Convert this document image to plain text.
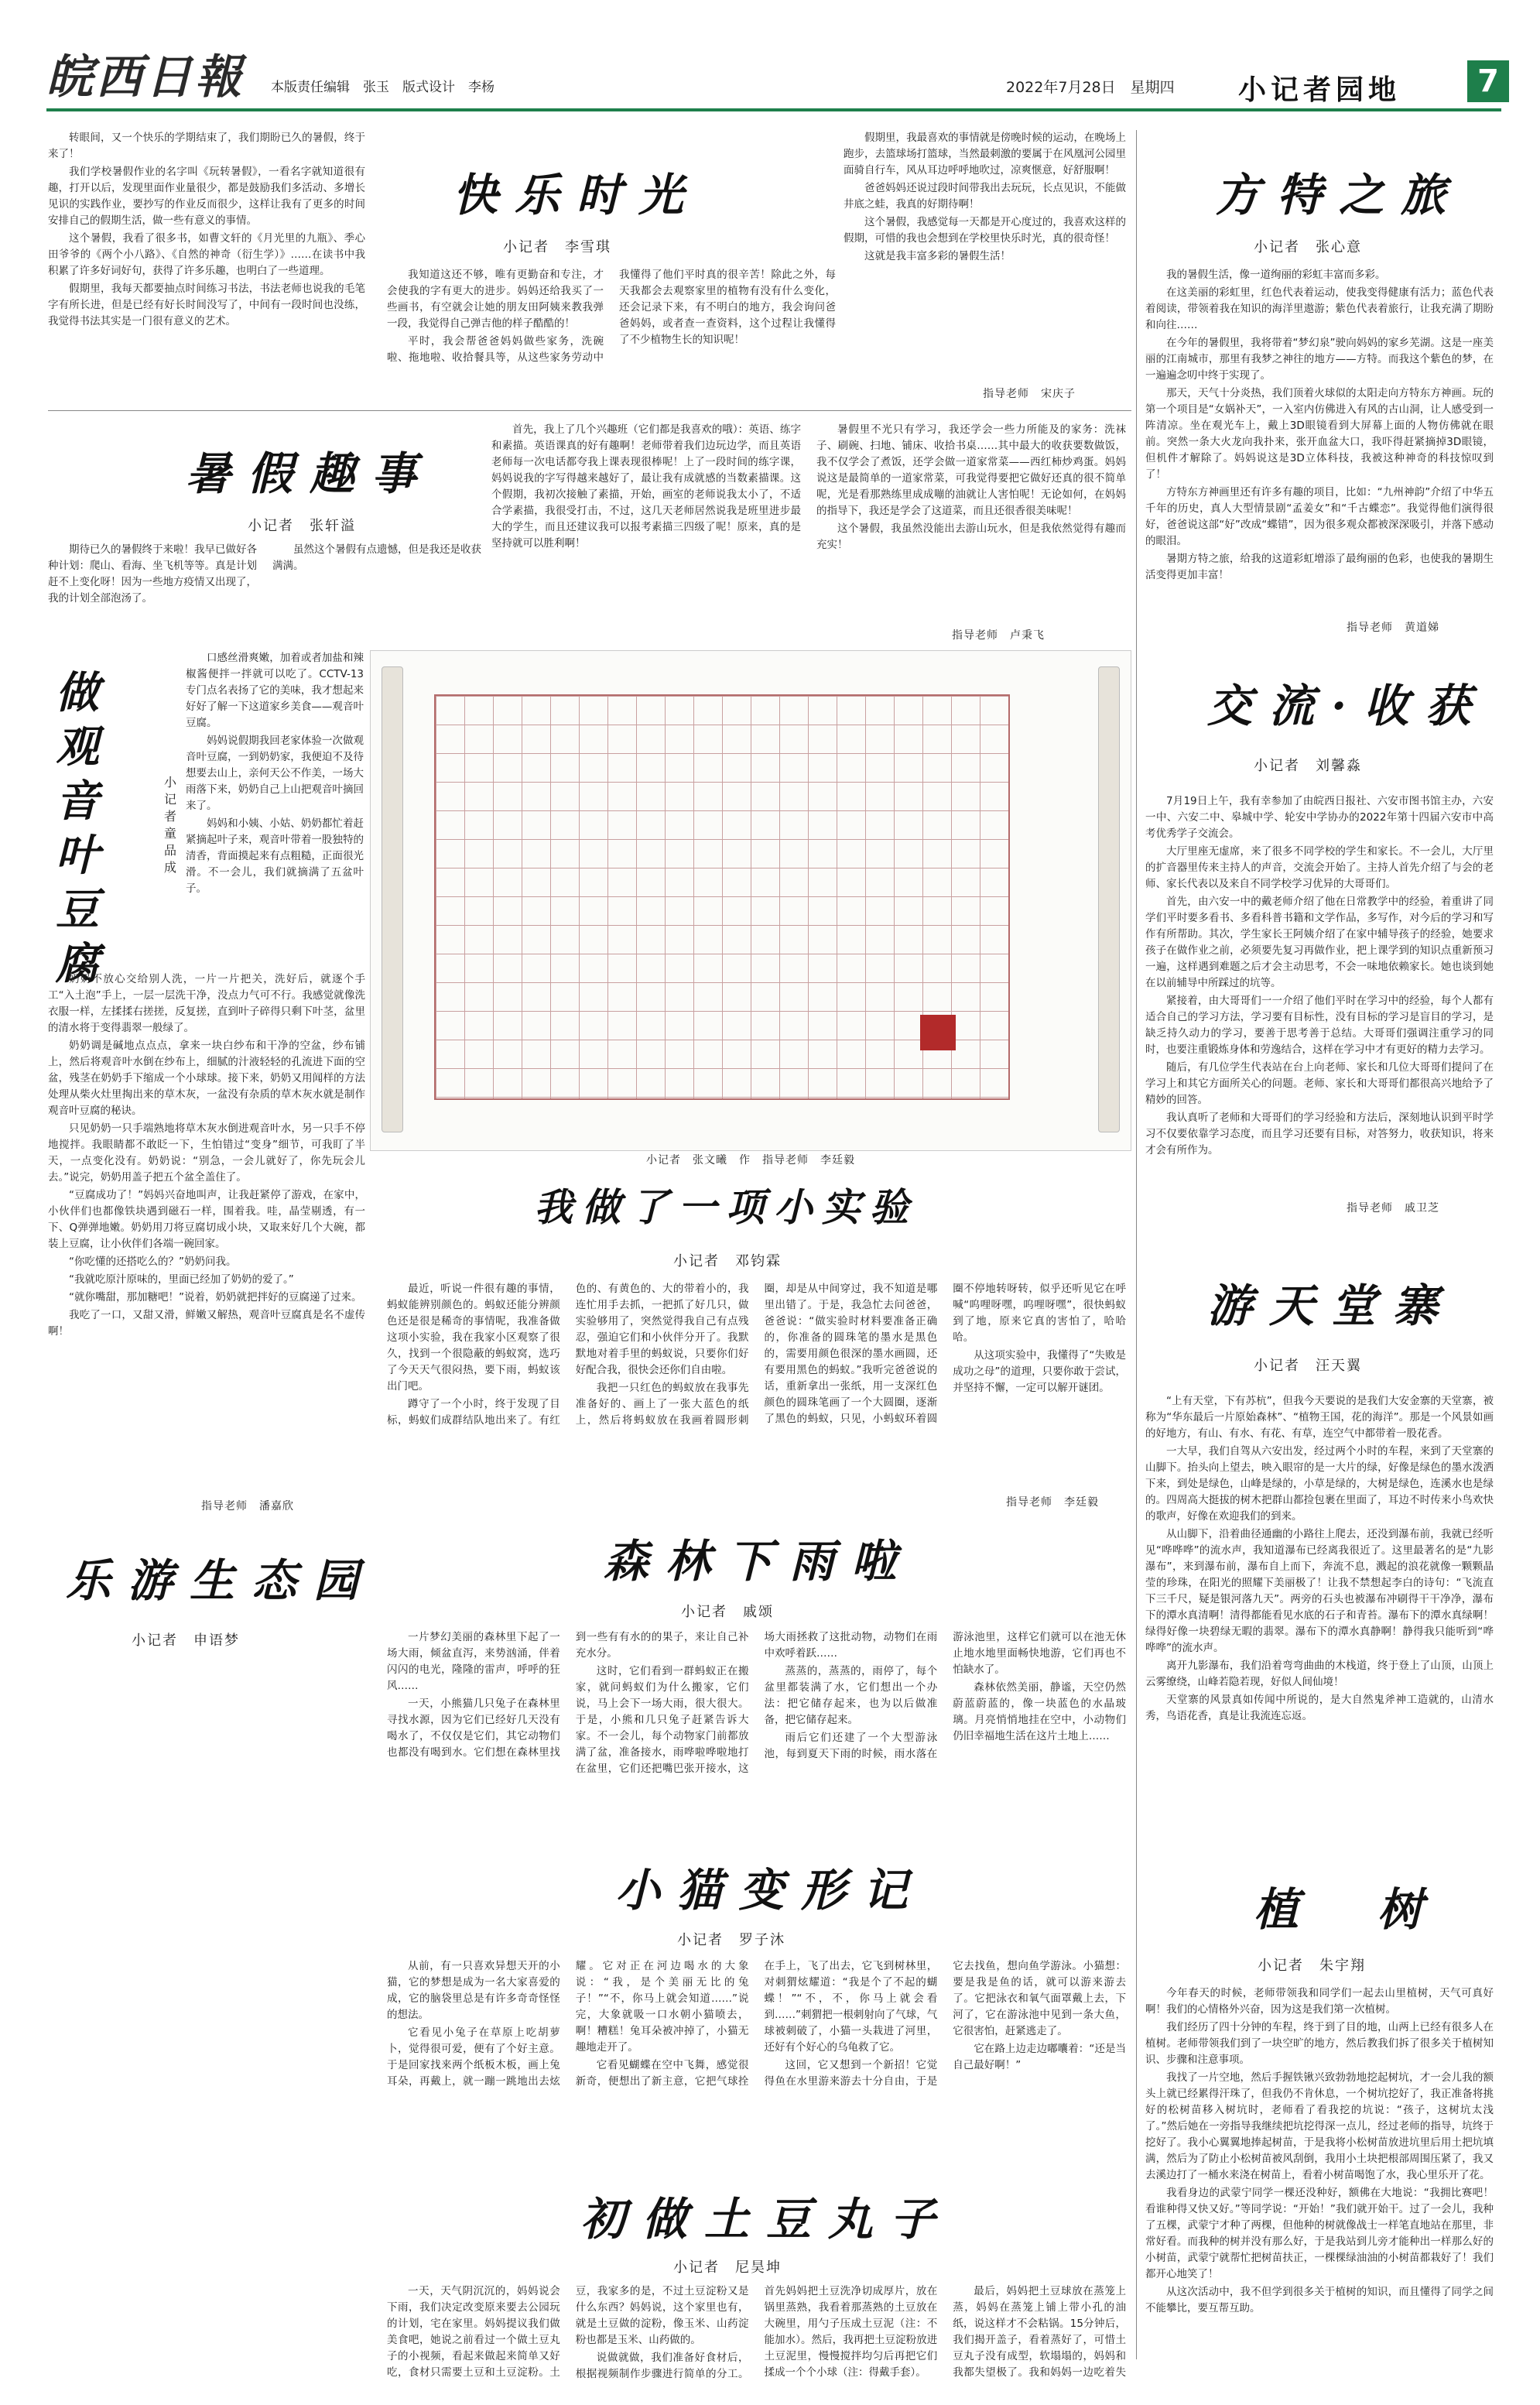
皖西日報 本版责任编辑　张玉　版式设计　李杨	2022年7月28日　星期四 小记者园地	7

转眼间，又一个快乐的学期结束了，我们期盼已久的暑假，终于来了！

我们学校暑假作业的名字叫《玩转暑假》，一看名字就知道很有趣，打开以后，发现里面作业量很少，都是鼓励我们多活动、多增长见识的实践作业，要抄写的作业反而很少，这样让我有了更多的时间安排自己的假期生活，做一些有意义的事情。

这个暑假，我看了很多书，如曹文轩的《月光里的九瓶》、季心田爷爷的《两个小八路》、《自然的神奇（衍生学）》……在读书中我积累了许多好词好句，获得了许多乐趣，也明白了一些道理。

假期里，我每天都要抽点时间练习书法，书法老师也说我的毛笔字有所长进，但是已经有好长时间没写了，中间有一段时间也没练，我觉得书法其实是一门很有意义的艺术。

快乐时光
小记者　李雪琪

我知道这还不够，唯有更勤奋和专注，才会使我的字有更大的进步。妈妈还给我买了一些画书，有空就会让她的朋友田阿姨来教我弹一段，我觉得自己弹吉他的样子酷酷的！

平时，我会帮爸爸妈妈做些家务，洗碗啦、拖地啦、收拾餐具等，从这些家务劳动中我懂得了他们平时真的很辛苦！除此之外，每天我都会去观察家里的植物有没有什么变化，还会记录下来，有不明白的地方，我会询问爸爸妈妈，或者查一查资料，这个过程让我懂得了不少植物生长的知识呢！

假期里，我最喜欢的事情就是傍晚时候的运动，在晚场上跑步，去篮球场打篮球，当然最刺激的要属于在风凰河公园里面骑自行车，风从耳边呼呼地吹过，凉爽惬意，好舒服啊！

爸爸妈妈还说过段时间带我出去玩玩，长点见识，不能做井底之蛙，我真的好期待啊！

这个暑假，我感觉每一天都是开心度过的，我喜欢这样的假期，可惜的我也会想到在学校里快乐时光，真的很奇怪！

这就是我丰富多彩的暑假生活！

指导老师　宋庆子
方特之旅
小记者　张心意

我的暑假生活，像一道绚丽的彩虹丰富而多彩。

在这美丽的彩虹里，红色代表着运动，使我变得健康有活力；蓝色代表着阅读，带领着我在知识的海洋里遨游；紫色代表着旅行，让我充满了期盼和向往……

在今年的暑假里，我将带着“梦幻泉”驶向妈妈的家乡芜湖。这是一座美丽的江南城市，那里有我梦之神往的地方——方特。而我这个紫色的梦，在一遍遍念叨中终于实现了。

那天，天气十分炎热，我们顶着火球似的太阳走向方特东方神画。玩的第一个项目是“女娲补天”，一入室内仿佛进入有风的古山洞，让人感受到一阵清凉。坐在观光车上，戴上3D眼镜看到大屏幕上面的人物仿佛就在眼前。突然一条大火龙向我扑来，张开血盆大口，我吓得赶紧摘掉3D眼镜，但机件才解除了。妈妈说这是3D立体科技，我被这种神奇的科技惊叹到了！

方特东方神画里还有许多有趣的项目，比如：“九州神韵”介绍了中华五千年的历史，真人大型情景剧“孟姜女”和“千古蝶恋”。我觉得他们演得很好，爸爸说这部“好”改成“蝶错”，因为很多观众都被深深吸引，并落下感动的眼泪。

暑期方特之旅，给我的这道彩虹增添了最绚丽的色彩，也使我的暑期生活变得更加丰富！

指导老师　黄道娣
暑假趣事
小记者　张轩溢

期待已久的暑假终于来啦！我早已做好各种计划：爬山、看海、坐飞机等等。真是计划赶不上变化呀！因为一些地方疫情又出现了，我的计划全部泡汤了。

虽然这个暑假有点遗憾，但是我还是收获满满。

首先，我上了几个兴趣班（它们都是我喜欢的哦）：英语、练字和素描。英语课真的好有趣啊！老师带着我们边玩边学，而且英语老师每一次电话都夸我上课表现很棒呢！上了一段时间的练字课，妈妈说我的字写得越来越好了，最让我有成就感的当数素描课。这个假期，我初次接触了素描，开始，画室的老师说我太小了，不适合学素描，我很受打击，不过，这几天老师居然说我是班里进步最大的学生，而且还建议我可以报考素描三四级了呢！原来，真的是坚持就可以胜利啊！

暑假里不光只有学习，我还学会一些力所能及的家务：洗袜子、刷碗、扫地、铺床、收拾书桌……其中最大的收获要数做饭，我不仅学会了煮饭，还学会做一道家常菜——西红柿炒鸡蛋。妈妈说这是最简单的一道家常菜，可我觉得要把它做好还真的很不简单呢，光是看那熟练里成成嘣的油就让人害怕呢！无论如何，在妈妈的指导下，我还是学会了这道菜，而且还很香很美味呢！

这个暑假，我虽然没能出去游山玩水，但是我依然觉得有趣而充实！

指导老师　卢秉飞
做观音叶豆腐
小记者　童品成

口感丝滑爽嫩，加着或者加盐和辣椒酱便拌一拌就可以吃了。CCTV-13专门点名表扬了它的美味，我才想起来好好了解一下这道家乡美食——观音叶豆腐。

妈妈说假期我回老家体验一次做观音叶豆腐，一到奶奶家，我便迫不及待想要去山上，亲何天公不作美，一场大雨落下来，奶奶自己上山把观音叶摘回来了。

妈妈和小姨、小姑、奶奶都忙着赶紧摘起叶子来，观音叶带着一股独特的清香，背面摸起来有点粗糙，正面很光滑。不一会儿，我们就摘满了五盆叶子。

奶奶不放心交给别人洗，一片一片把关，洗好后，就逐个手工“入土泡”手上，一层一层洗干净，没点力气可不行。我感觉就像洗衣服一样，左揉揉右搓搓，反复搓，直到叶子碎得只剩下叶茎，盆里的清水将于变得翡翠一般绿了。

奶奶调是碱地点点点，拿来一块白纱布和干净的空盆，纱布铺上，然后将观音叶水倒在纱布上，细腻的汁液轻轻的孔流进下面的空盆，残茎在奶奶手下缩成一个小球球。接下来，奶奶又用闻样的方法处理从柴火灶里掏出来的草木灰，一盆没有杂质的草木灰水就是制作观音叶豆腐的秘诀。

只见奶奶一只手端熟地将草木灰水倒进观音叶水，另一只手不停地搅拌。我眼睛都不敢眨一下，生怕错过“变身”细节，可我盯了半天，一点变化没有。奶奶说：“别急，一会儿就好了，你先玩会儿去。”说完，奶奶用盖子把五个盆全盖住了。

“豆腐成功了！”妈妈兴奋地叫声，让我赶紧停了游戏，在家中，小伙伴们也都像铁块遇到磁石一样，围着我。哇，晶莹剔透，有一下、Q弹弹地嫩。奶奶用刀将豆腐切成小块，又取来好几个大碗，都装上豆腐，让小伙伴们各端一碗回家。

“你吃懂的还搭吃么的？”奶奶问我。

“我就吃原汁原味的，里面已经加了奶奶的爱了。”

“就你嘴甜，那加糖吧！”说着，奶奶就把拌好的豆腐递了过来。

我吃了一口，又甜又滑，鲜嫩又解热，观音叶豆腐真是名不虚传啊！

指导老师　潘嘉欣
小记者　张文曦　作　指导老师　李廷毅
交流·收获
小记者　刘馨淼

7月19日上午，我有幸参加了由皖西日报社、六安市图书馆主办，六安一中、六安二中、皋城中学、轮安中学协办的2022年第十四届六安市中高考优秀学子交流会。

大厅里座无虚席，来了很多不同学校的学生和家长。不一会儿，大厅里的扩音器里传来主持人的声音，交流会开始了。主持人首先介绍了与会的老师、家长代表以及来自不同学校学习优异的大哥哥们。

首先，由六安一中的戴老师介绍了他在日常教学中的经验，着重讲了同学们平时要多看书、多看科普书籍和文学作品，多写作，对今后的学习和写作有所帮助。其次，学生家长王阿姨介绍了在家中辅导孩子的经验，她要求孩子在做作业之前，必须要先复习再做作业，把上课学到的知识点重新预习一遍，这样遇到难题之后才会主动思考，不会一味地依赖家长。她也谈到她在以前辅导中所踩过的坑等。

紧接着，由大哥哥们一一介绍了他们平时在学习中的经验，每个人都有适合自己的学习方法，学习要有目标性，没有目标的学习是盲目的学习，是缺乏持久动力的学习，要善于思考善于总结。大哥哥们强调注重学习的同时，也要注重锻炼身体和劳逸结合，这样在学习中才有更好的精力去学习。

随后，有几位学生代表站在台上向老师、家长和几位大哥哥们提问了在学习上和其它方面所关心的问题。老师、家长和大哥哥们都很高兴地给予了精妙的回答。

我认真听了老师和大哥哥们的学习经验和方法后，深刻地认识到平时学习不仅要依靠学习态度，而且学习还要有目标，对答努力，收获知识，将来才会有所作为。

指导老师　戚卫芝
我做了一项小实验
小记者　邓钧霖

最近，听说一件很有趣的事情，蚂蚁能辨别颜色的。蚂蚁还能分辨颜色还是很是稀奇的事情呢，我准备做这项小实验，我在我家小区观察了很久，找到一个很隐蔽的蚂蚁窝，选巧了今天天气很闷热，要下雨，蚂蚁该出门吧。

蹲守了一个小时，终于发现了目标，蚂蚁们成群结队地出来了。有红色的、有黄色的、大的带着小的，我连忙用手去抓，一把抓了好几只，做实验够用了，突然觉得我自己有点残忍，强迫它们和小伙伴分开了。我默默地对着手里的蚂蚁说，只要你们好好配合我，很快会还你们自由啦。

我把一只红色的蚂蚁放在我事先准备好的、画上了一张大蓝色的纸上，然后将蚂蚁放在我画着圆形刺圈，却是从中间穿过，我不知道是哪里出错了。于是，我急忙去问爸爸，爸爸说：“做实验时材料要准备正确的，你准备的圆珠笔的墨水是黑色的，需要用颜色很深的墨水画圆，还有要用黑色的蚂蚁。”我听完爸爸说的话，重新拿出一张纸，用一支深红色颜色的圆珠笔画了一个大圆圈，逐渐了黑色的蚂蚁，只见，小蚂蚁环着圆圈不停地转呀转，似乎还听见它在呼喊“呜哩呀嘿，呜哩呀嘿”，很快蚂蚁到了地，原来它真的害怕了，哈哈哈。

从这项实验中，我懂得了“失败是成功之母”的道理，只要你敢于尝试，并坚持不懈，一定可以解开谜团。

指导老师　李廷毅
游天堂寨
小记者　汪天翼

“上有天堂，下有苏杭”，但我今天要说的是我们大安金寨的天堂寨，被称为“华东最后一片原始森林”、“植物王国，花的海洋”。那是一个风景如画的好地方，有山、有水、有花、有草，连空气中都带着一股花香。

一大早，我们自驾从六安出发，经过两个小时的车程，来到了天堂寨的山脚下。抬头向上望去，映入眼帘的是一大片的绿，好像是绿色的墨水泼洒下来，到处是绿色，山峰是绿的，小草是绿的，大树是绿色，连溪水也是绿的。四周高大挺拔的树木把群山都捡包裹在里面了，耳边不时传来小鸟欢快的歌声，好像在欢迎我们的到来。

从山脚下，沿着曲径通幽的小路往上爬去，还没到瀑布前，我就已经听见“哗哗哗”的流水声，我知道瀑布已经离我很近了。这里最著名的是“九影瀑布”，来到瀑布前，瀑布自上而下，奔流不息，溅起的浪花就像一颗颗晶莹的珍珠，在阳光的照耀下美丽极了！让我不禁想起李白的诗句：“飞流直下三千尺，疑是银河落九天”。两旁的石头也被瀑布冲刷得干干净净，瀑布下的潭水真清啊！清得都能看见水底的石子和青苔。瀑布下的潭水真绿啊！绿得好像一块碧绿无暇的翡翠。瀑布下的潭水真静啊！静得我只能听到“哗哗哗”的流水声。

离开九影瀑布，我们沿着弯弯曲曲的木栈道，终于登上了山顶，山顶上云雾缭绕，山峰若隐若现，好似人间仙境！

天堂寨的风景真如传闻中所说的，是大自然鬼斧神工造就的，山清水秀，鸟语花香，真是让我流连忘返。

森林下雨啦
小记者　戚颂

一片梦幻美丽的森林里下起了一场大雨，倾盆直泻，来势汹涌，伴着闪闪的电光，隆隆的雷声，呼呼的狂风……

一天，小熊猫几只兔子在森林里寻找水源，因为它们已经好几天没有喝水了，不仅仅是它们，其它动物们也都没有喝到水。它们想在森林里找到一些有有水的的果子，来让自己补充水分。

这时，它们看到一群蚂蚁正在搬家，就问蚂蚁们为什么搬家，它们说，马上会下一场大雨，很大很大。于是，小熊和几只兔子赶紧告诉大家。不一会儿，每个动物家门前都放满了盆，准备接水，雨哗啦哗啦地打在盆里，它们还把嘴巴张开接水，这场大雨拯救了这批动物，动物们在雨中欢呼着跃……

蒸蒸的，蒸蒸的，雨停了，每个盆里都装满了水，它们想出一个办法：把它储存起来，也为以后做准备，把它储存起来。

雨后它们还建了一个大型游泳池，每到夏天下雨的时候，雨水落在游泳池里，这样它们就可以在池无休止地水地里面畅快地游，它们再也不怕缺水了。

森林依然美丽，静谧，天空仍然蔚蓝蔚蓝的，像一块蓝色的水晶玻璃。月亮悄悄地挂在空中，小动物们仍旧幸福地生活在这片土地上……

乐游生态园
小记者　申语梦
小猫变形记
小记者　罗子沐

从前，有一只喜欢异想天开的小猫，它的梦想是成为一名大家喜爱的成，它的脑袋里总是有许多奇奇怪怪的想法。

它看见小兔子在草原上吃胡萝卜，觉得很可爱，便有了个好主意。于是回家找来两个纸板木板，画上兔耳朵，再戴上，就一蹦一跳地出去炫耀。它对正在河边喝水的大象说：“我，是个美丽无比的兔子！”“不，你马上就会知道……”说完，大象就吸一口水朝小猫喷去，啊！糟糕！兔耳朵被冲掉了，小猫无趣地走开了。

它看见蝴蝶在空中飞舞，感觉很新奇，便想出了新主意，它把气球拴在手上，飞了出去，它飞到树林里，对刺猬炫耀道：“我是个了不起的蝴蝶！”“不，不，你马上就会看到……”刺猬把一根刺射向了气球，气球被刺破了，小猫一头栽进了河里，还好有个好心的乌龟救了它。

这回，它又想到一个新招！它觉得鱼在水里游来游去十分自由，于是它去找鱼，想向鱼学游泳。小猫想：要是我是鱼的话，就可以游来游去了。它把泳衣和氧气面罩戴上去，下河了，它在游泳池中见到一条大鱼，它很害怕，赶紧逃走了。

它在路上边走边嘟囔着：“还是当自己最好啊！”

植　树
小记者　朱宇翔

今年春天的时候，老师带领我和同学们一起去山里植树，天气可真好啊！我们的心情格外兴奋，因为这是我们第一次植树。

我们经历了四十分钟的车程，终于到了目的地，山两上已经有很多人在植树。老师带领我们到了一块空旷的地方，然后教我们拆了很多关于植树知识、步骤和注意事项。

我找了一片空地，然后手握铁锹兴致勃勃地挖起树坑，才一会儿我的额头上就已经累得汗珠了，但我仍不肯休息，一个树坑挖好了，我正准备将挑好的松树苗移入树坑时，老师看了看我挖的坑说：“孩子，这树坑太浅了。”然后她在一旁指导我继续把坑挖得深一点儿，经过老师的指导，坑终于挖好了。我小心翼翼地捧起树苗，于是我将小松树苗放进坑里后用土把坑填满，然后为了防止小松树苗被风刮倒，我用小土块把根部周围压紧了，我又去溪边打了一桶水来浇在树苗上，看着小树苗喝饱了水，我心里乐开了花。

我看身边的武蒙宁同学一棵还没种好，额佛在大地说：“我拥比赛吧！看谁种得又快又好。”等同学说：“开始！”我们就开始干。过了一会儿，我种了五棵，武蒙宁才种了两棵，但他种的树就像战士一样笔直地站在那里，非常好看。而我种的树并没有那么好，于是我站到儿旁才能种出一样那么好的小树苗，武蒙宁就帮忙把树苗扶正，一棵棵绿油油的小树苗都栽好了！我们都开心地笑了！

从这次活动中，我不但学到很多关于植树的知识，而且懂得了同学之间不能攀比，要互帮互助。

初做土豆丸子
小记者　尼昊坤

一天，天气阴沉沉的，妈妈说会下雨，我们决定改变原来要去公园玩的计划，宅在家里。妈妈提议我们做美食吧，她说之前看过一个做土豆丸子的小视频，看起来做起来简单又好吃，食材只需要土豆和土豆淀粉。土豆，我家多的是，不过土豆淀粉又是什么东西？妈妈说，这个家里也有，就是土豆做的淀粉，像玉米、山药淀粉也都是玉米、山药做的。

说做就做，我们准备好食材后，根据视频制作步骤进行简单的分工。首先妈妈把土豆洗净切成厚片，放在锅里蒸熟，我看着那蒸熟的土豆放在大碗里，用勺子压成土豆泥（注：不能加水）。然后，我再把土豆淀粉放进土豆泥里，慢慢搅拌均匀后再把它们揉成一个个小球（注：得戴手套）。

最后，妈妈把土豆球放在蒸笼上蒸，妈妈在蒸笼上铺上带小孔的油纸，说这样才不会粘锅。15分钟后，我们揭开盖子，看着蒸好了，可惜土豆丸子没有成型，软塌塌的，妈妈和我都失望极了。我和妈妈一边吃着失
